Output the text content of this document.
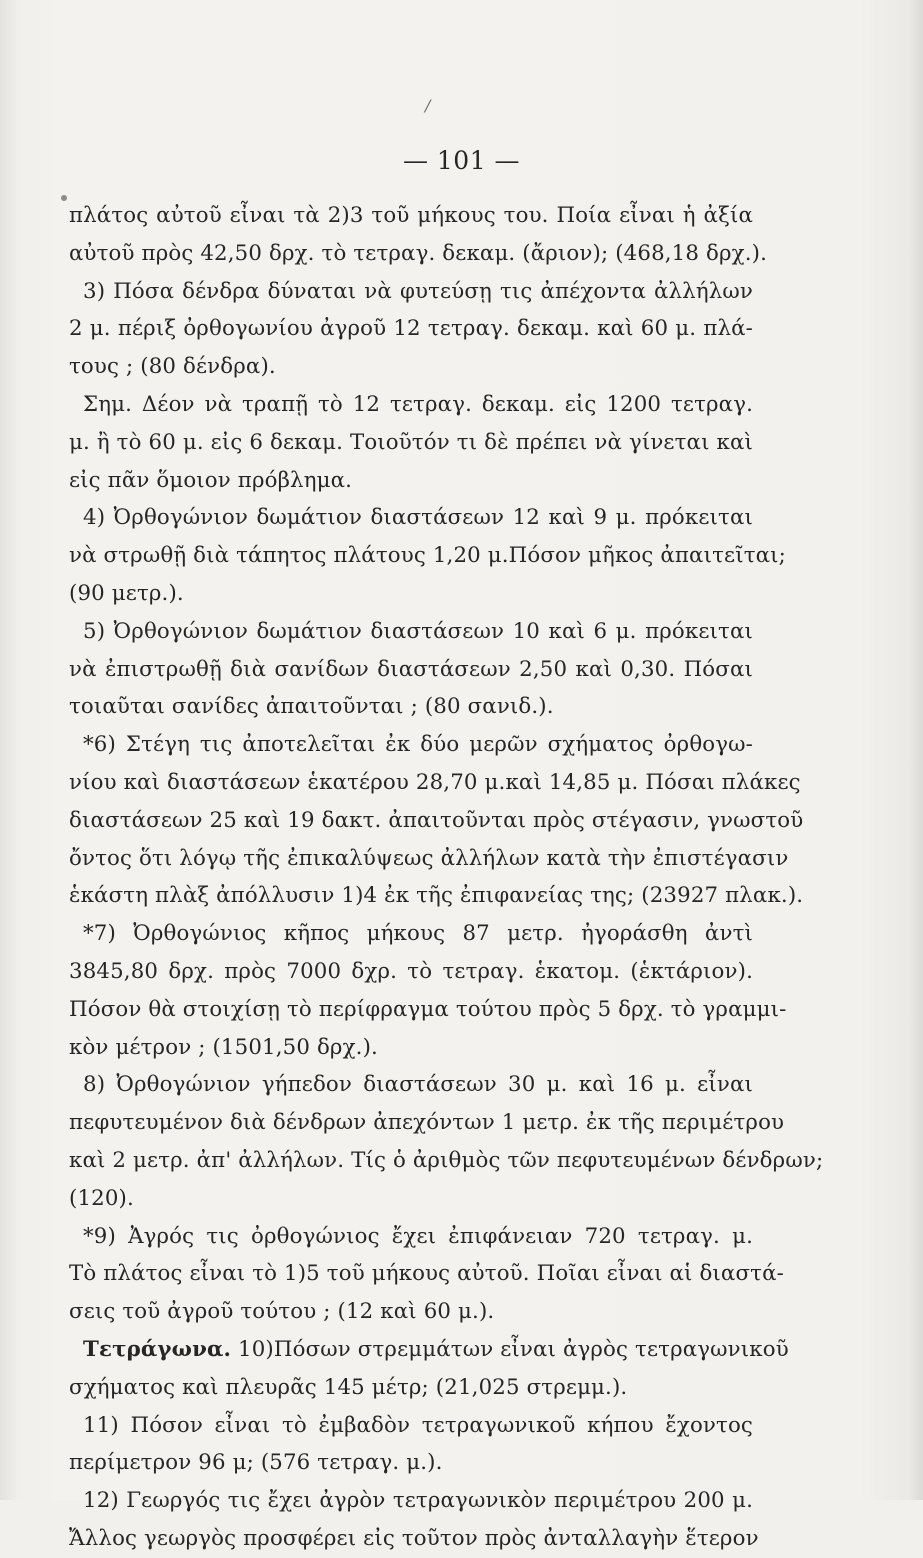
/
— 101 —
πλάτος αὐτοῦ εἶναι τὰ 2)3 τοῦ μήκους του. Ποία εἶναι ἡ ἀξία
αὐτοῦ πρὸς 42,50 δρχ. τὸ τετραγ. δεκαμ. (ἄριον); (468,18 δρχ.).
3) Πόσα δένδρα δύναται νὰ φυτεύσῃ τις ἀπέχοντα ἀλλήλων
2 μ. πέριξ ὀρθογωνίου ἀγροῦ 12 τετραγ. δεκαμ. καὶ 60 μ. πλά-
τους ; (80 δένδρα).
Σημ. Δέον νὰ τραπῇ τὸ 12 τετραγ. δεκαμ. εἰς 1200 τετραγ.
μ. ἢ τὸ 60 μ. εἰς 6 δεκαμ. Τοιοῦτόν τι δὲ πρέπει νὰ γίνεται καὶ
εἰς πᾶν ὅμοιον πρόβλημα.
4) Ὀρθογώνιον δωμάτιον διαστάσεων 12 καὶ 9 μ. πρόκειται
νὰ στρωθῇ διὰ τάπητος πλάτους 1,20 μ.Πόσον μῆκος ἀπαιτεῖται;
(90 μετρ.).
5) Ὀρθογώνιον δωμάτιον διαστάσεων 10 καὶ 6 μ. πρόκειται
νὰ ἐπιστρωθῇ διὰ σανίδων διαστάσεων 2,50 καὶ 0,30. Πόσαι
τοιαῦται σανίδες ἀπαιτοῦνται ; (80 σανιδ.).
*6) Στέγη τις ἀποτελεῖται ἐκ δύο μερῶν σχήματος ὀρθογω-
νίου καὶ διαστάσεων ἑκατέρου 28,70 μ.καὶ 14,85 μ. Πόσαι πλάκες
διαστάσεων 25 καὶ 19 δακτ. ἀπαιτοῦνται πρὸς στέγασιν, γνωστοῦ
ὄντος ὅτι λόγῳ τῆς ἐπικαλύψεως ἀλλήλων κατὰ τὴν ἐπιστέγασιν
ἑκάστη πλὰξ ἀπόλλυσιν 1)4 ἐκ τῆς ἐπιφανείας της; (23927 πλακ.).
*7) Ὀρθογώνιος κῆπος μήκους 87 μετρ. ἠγοράσθη ἀντὶ
3845,80 δρχ. πρὸς 7000 δχρ. τὸ τετραγ. ἑκατομ. (ἑκτάριον).
Πόσον θὰ στοιχίσῃ τὸ περίφραγμα τούτου πρὸς 5 δρχ. τὸ γραμμι-
κὸν μέτρον ; (1501,50 δρχ.).
8) Ὀρθογώνιον γήπεδον διαστάσεων 30 μ. καὶ 16 μ. εἶναι
πεφυτευμένον διὰ δένδρων ἀπεχόντων 1 μετρ. ἐκ τῆς περιμέτρου
καὶ 2 μετρ. ἀπ' ἀλλήλων. Τίς ὁ ἀριθμὸς τῶν πεφυτευμένων δένδρων;
(120).
*9) Ἀγρός τις ὀρθογώνιος ἔχει ἐπιφάνειαν 720 τετραγ. μ.
Τὸ πλάτος εἶναι τὸ 1)5 τοῦ μήκους αὐτοῦ. Ποῖαι εἶναι αἱ διαστά-
σεις τοῦ ἀγροῦ τούτου ; (12 καὶ 60 μ.).
Τετράγωνα. 10)Πόσων στρεμμάτων εἶναι ἀγρὸς τετραγωνικοῦ
σχήματος καὶ πλευρᾶς 145 μέτρ; (21,025 στρεμμ.).
11) Πόσον εἶναι τὸ ἐμβαδὸν τετραγωνικοῦ κήπου ἔχοντος
περίμετρον 96 μ; (576 τετραγ. μ.).
12) Γεωργός τις ἔχει ἀγρὸν τετραγωνικὸν περιμέτρου 200 μ.
Ἄλλος γεωργὸς προσφέρει εἰς τοῦτον πρὸς ἀνταλλαγὴν ἕτερον
